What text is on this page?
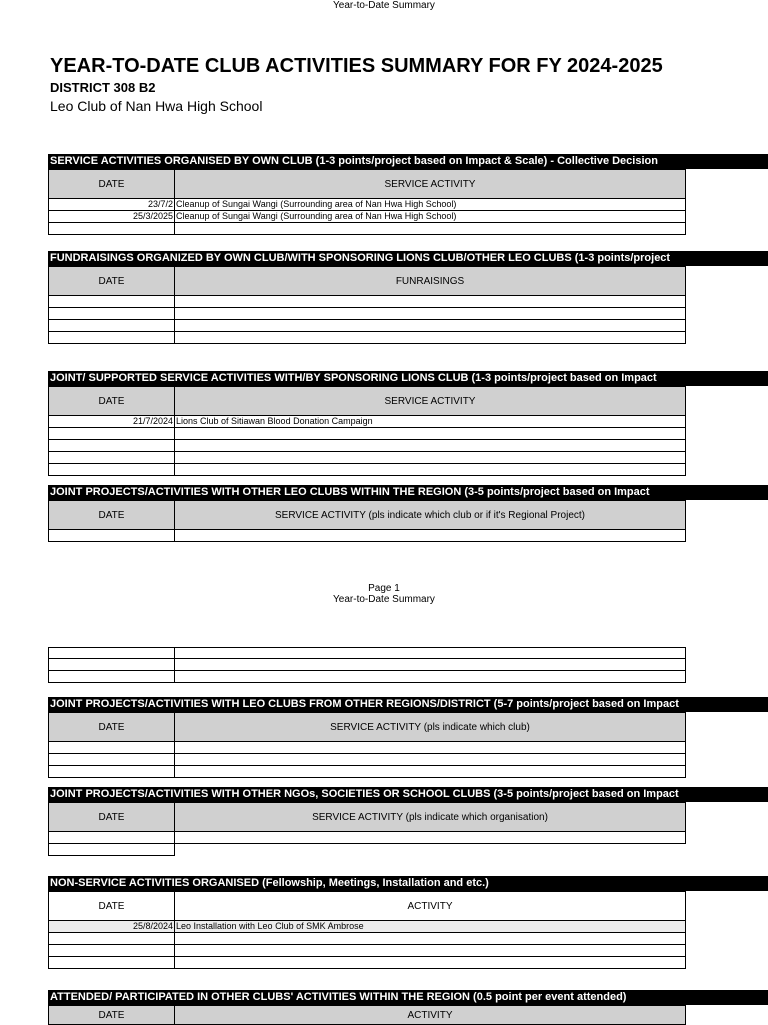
Year-to-Date Summary
YEAR-TO-DATE CLUB ACTIVITIES SUMMARY FOR FY 2024-2025
DISTRICT 308 B2
Leo Club of Nan Hwa High School
Page 1
Year-to-Date Summary
SERVICE ACTIVITIES ORGANISED BY OWN CLUB (1-3 points/project based on Impact & Scale) - Collective Decision
DATE	SERVICE ACTIVITY
23/7/2 Cleanup of Sungai Wangi (Surrounding area of Nan Hwa High School)
25/3/2025 Cleanup of Sungai Wangi (Surrounding area of Nan Hwa High School)
FUNDRAISINGS ORGANIZED BY OWN CLUB/WITH SPONSORING LIONS CLUB/OTHER LEO CLUBS (1-3 points/project
DATE	FUNRAISINGS
JOINT/ SUPPORTED SERVICE ACTIVITIES WITH/BY SPONSORING LIONS CLUB (1-3 points/project based on Impact
DATE	SERVICE ACTIVITY
21/7/2024 Lions Club of Sitiawan Blood Donation Campaign
JOINT PROJECTS/ACTIVITIES WITH OTHER LEO CLUBS WITHIN THE REGION (3-5 points/project based on Impact
DATE	SERVICE ACTIVITY (pls indicate which club or if it's Regional Project)
JOINT PROJECTS/ACTIVITIES WITH LEO CLUBS FROM OTHER REGIONS/DISTRICT (5-7 points/project based on Impact
DATE	SERVICE ACTIVITY (pls indicate which club)
JOINT PROJECTS/ACTIVITIES WITH OTHER NGOs, SOCIETIES OR SCHOOL CLUBS (3-5 points/project based on Impact
DATE	SERVICE ACTIVITY (pls indicate which organisation)
NON-SERVICE ACTIVITIES ORGANISED (Fellowship, Meetings, Installation and etc.)
DATE	ACTIVITY
25/8/2024 Leo Installation with Leo Club of SMK Ambrose
ATTENDED/ PARTICIPATED IN OTHER CLUBS' ACTIVITIES WITHIN THE REGION (0.5 point per event attended)
DATE	ACTIVITY
